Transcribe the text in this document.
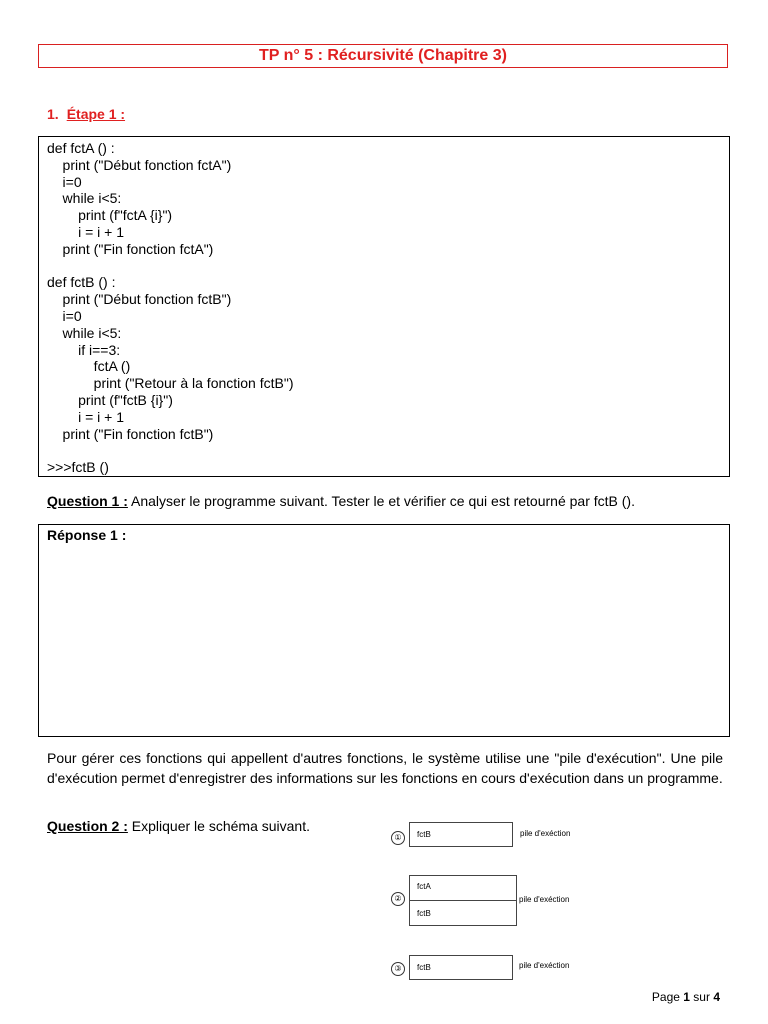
TP n° 5 : Récursivité (Chapitre 3)
1. Étape 1 :
def fctA () :
print ("Début fonction fctA")
i=0
while i<5:
print (f"fctA {i}")
i = i + 1
print ("Fin fonction fctA")
def fctB () :
print ("Début fonction fctB")
i=0
while i<5:
if i==3:
fctA ()
print ("Retour à la fonction fctB")
print (f"fctB {i}")
i = i + 1
print ("Fin fonction fctB")
>>>fctB ()
Question 1 : Analyser le programme suivant. Tester le et vérifier ce qui est retourné par fctB ().
Réponse 1 :
Pour gérer ces fonctions qui appellent d'autres fonctions, le système utilise une "pile d'exécution". Une pile d'exécution permet d'enregistrer des informations sur les fonctions en cours d'exécution dans un programme.
Question 2 : Expliquer le schéma suivant.
①	fctB	pile d'exéction
②
fctA
fctB
pile d'exéction
③	fctB	pile d'exéction
Page 1 sur 4
